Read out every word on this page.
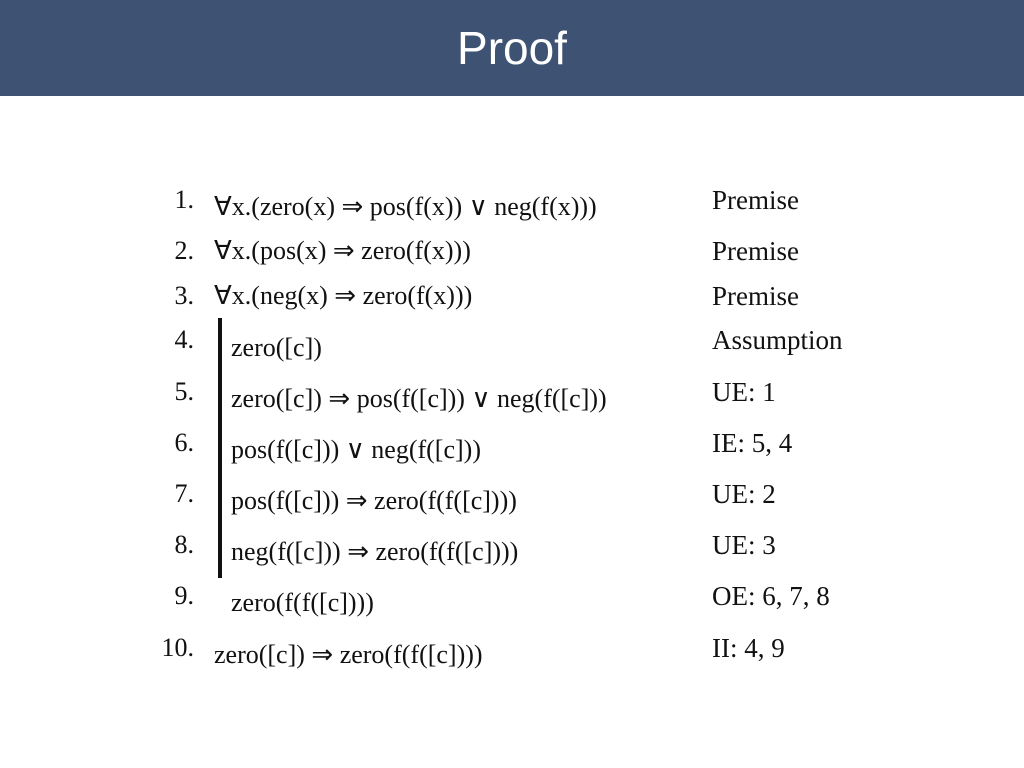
Proof
1. ∀x.(zero(x) ⇒ pos(f(x)) ∨ neg(f(x)))	Premise
2. ∀x.(pos(x) ⇒ zero(f(x)))	Premise
3. ∀x.(neg(x) ⇒ zero(f(x)))	Premise
4. zero([c])	Assumption
5. zero([c]) ⇒ pos(f([c])) ∨ neg(f([c]))	UE: 1
6. pos(f([c])) ∨ neg(f([c]))	IE: 5, 4
7. pos(f([c])) ⇒ zero(f(f([c])))	UE: 2
8. neg(f([c])) ⇒ zero(f(f([c])))	UE: 3
9. zero(f(f([c])))	OE: 6, 7, 8
10. zero([c]) ⇒ zero(f(f([c])))	II: 4, 9
